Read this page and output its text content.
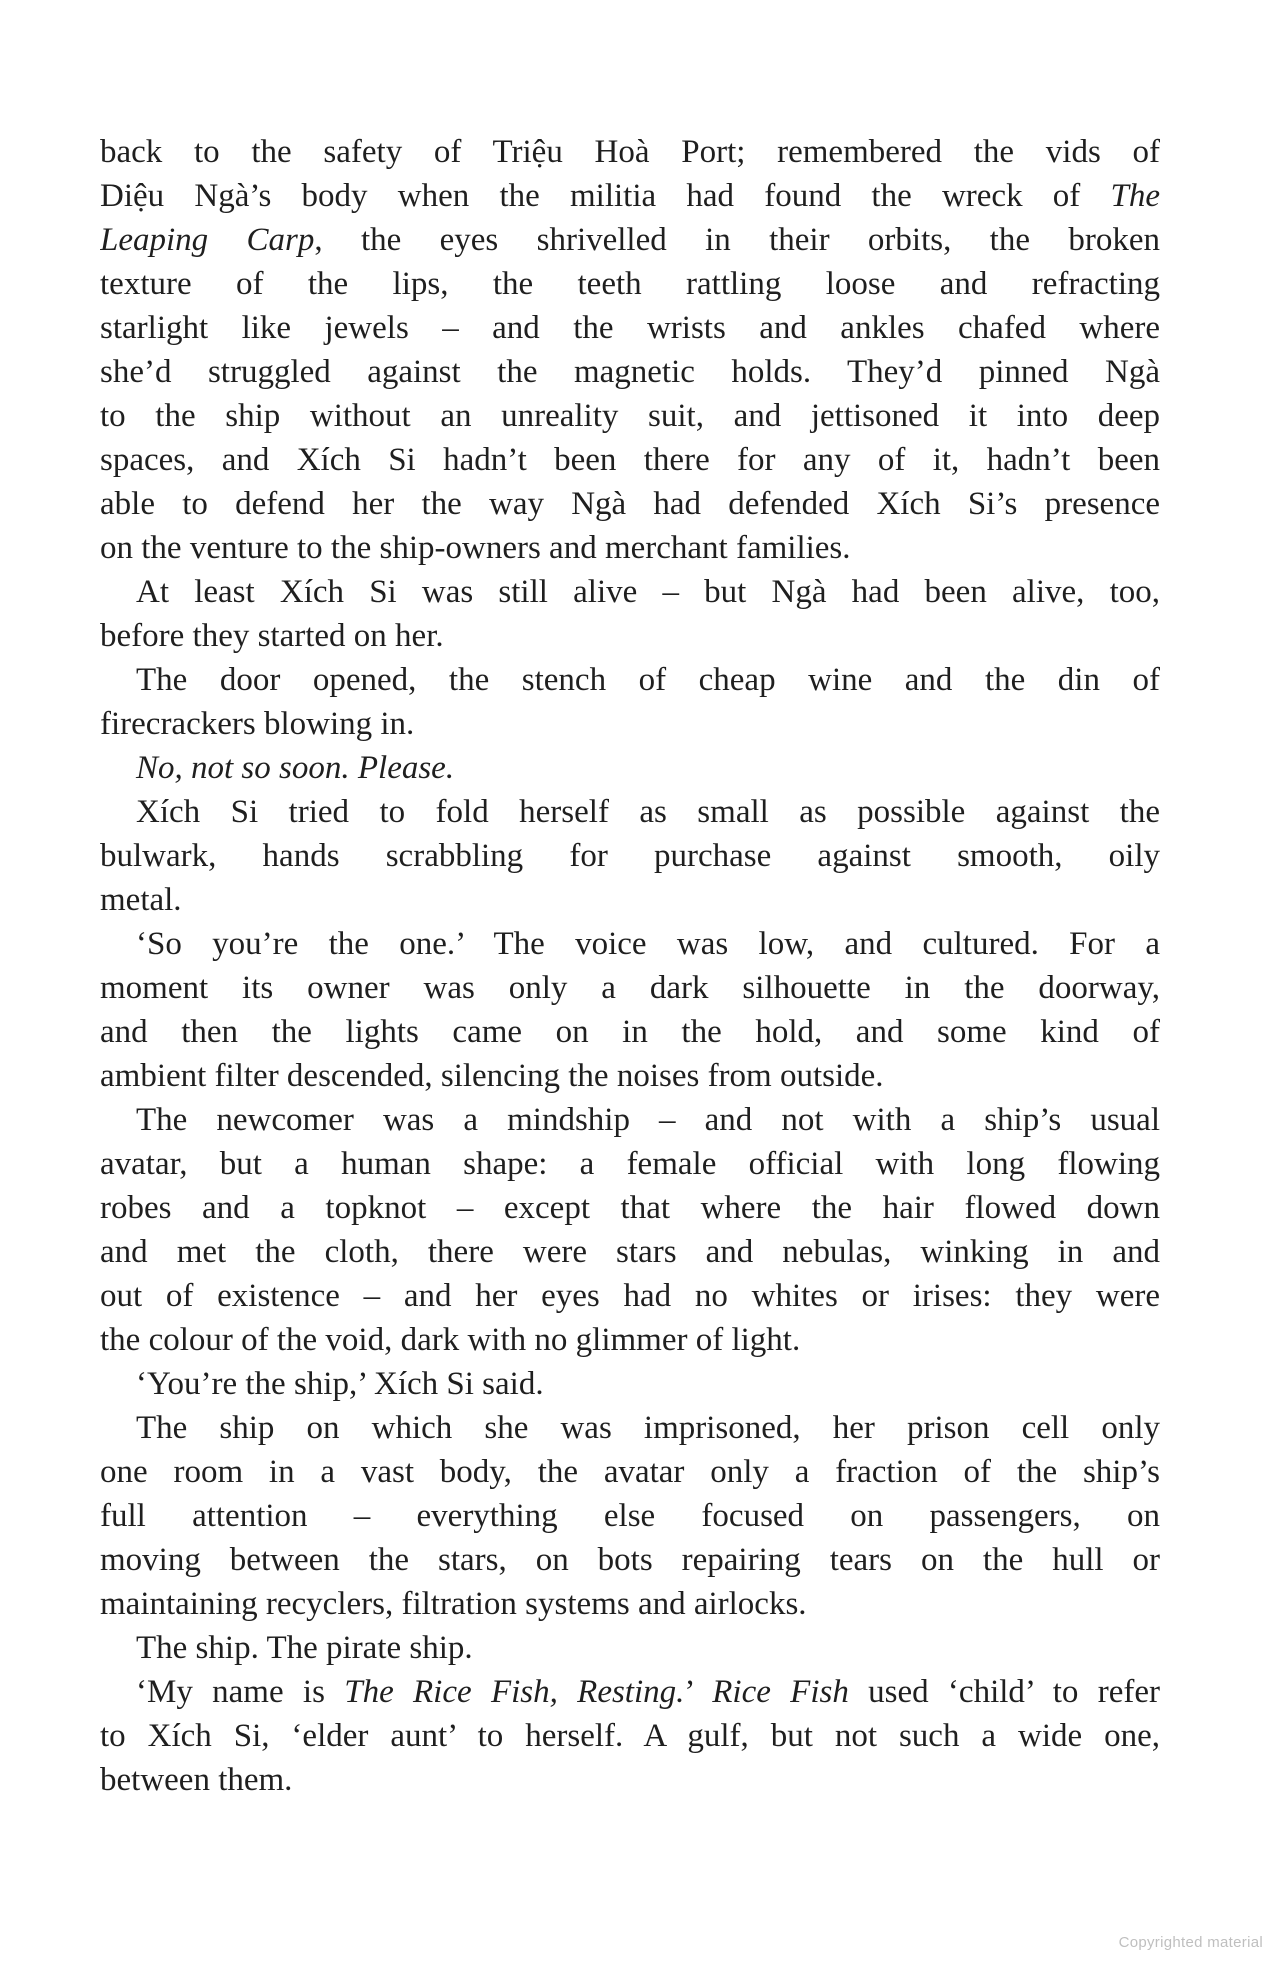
back to the safety of Triệu Hoà Port; remembered the vids of
Diệu Ngà’s body when the militia had found the wreck of The
Leaping Carp, the eyes shrivelled in their orbits, the broken
texture of the lips, the teeth rattling loose and refracting
starlight like jewels – and the wrists and ankles chafed where
she’d struggled against the magnetic holds. They’d pinned Ngà
to the ship without an unreality suit, and jettisoned it into deep
spaces, and Xích Si hadn’t been there for any of it, hadn’t been
able to defend her the way Ngà had defended Xích Si’s presence
on the venture to the ship-owners and merchant families.
At least Xích Si was still alive – but Ngà had been alive, too,
before they started on her.
The door opened, the stench of cheap wine and the din of
firecrackers blowing in.
No, not so soon. Please.
Xích Si tried to fold herself as small as possible against the
bulwark, hands scrabbling for purchase against smooth, oily
metal.
‘So you’re the one.’ The voice was low, and cultured. For a
moment its owner was only a dark silhouette in the doorway,
and then the lights came on in the hold, and some kind of
ambient filter descended, silencing the noises from outside.
The newcomer was a mindship – and not with a ship’s usual
avatar, but a human shape: a female official with long flowing
robes and a topknot – except that where the hair flowed down
and met the cloth, there were stars and nebulas, winking in and
out of existence – and her eyes had no whites or irises: they were
the colour of the void, dark with no glimmer of light.
‘You’re the ship,’ Xích Si said.
The ship on which she was imprisoned, her prison cell only
one room in a vast body, the avatar only a fraction of the ship’s
full attention – everything else focused on passengers, on
moving between the stars, on bots repairing tears on the hull or
maintaining recyclers, filtration systems and airlocks.
The ship. The pirate ship.
‘My name is The Rice Fish, Resting.’ Rice Fish used ‘child’ to refer
to Xích Si, ‘elder aunt’ to herself. A gulf, but not such a wide one,
between them.
Copyrighted material
